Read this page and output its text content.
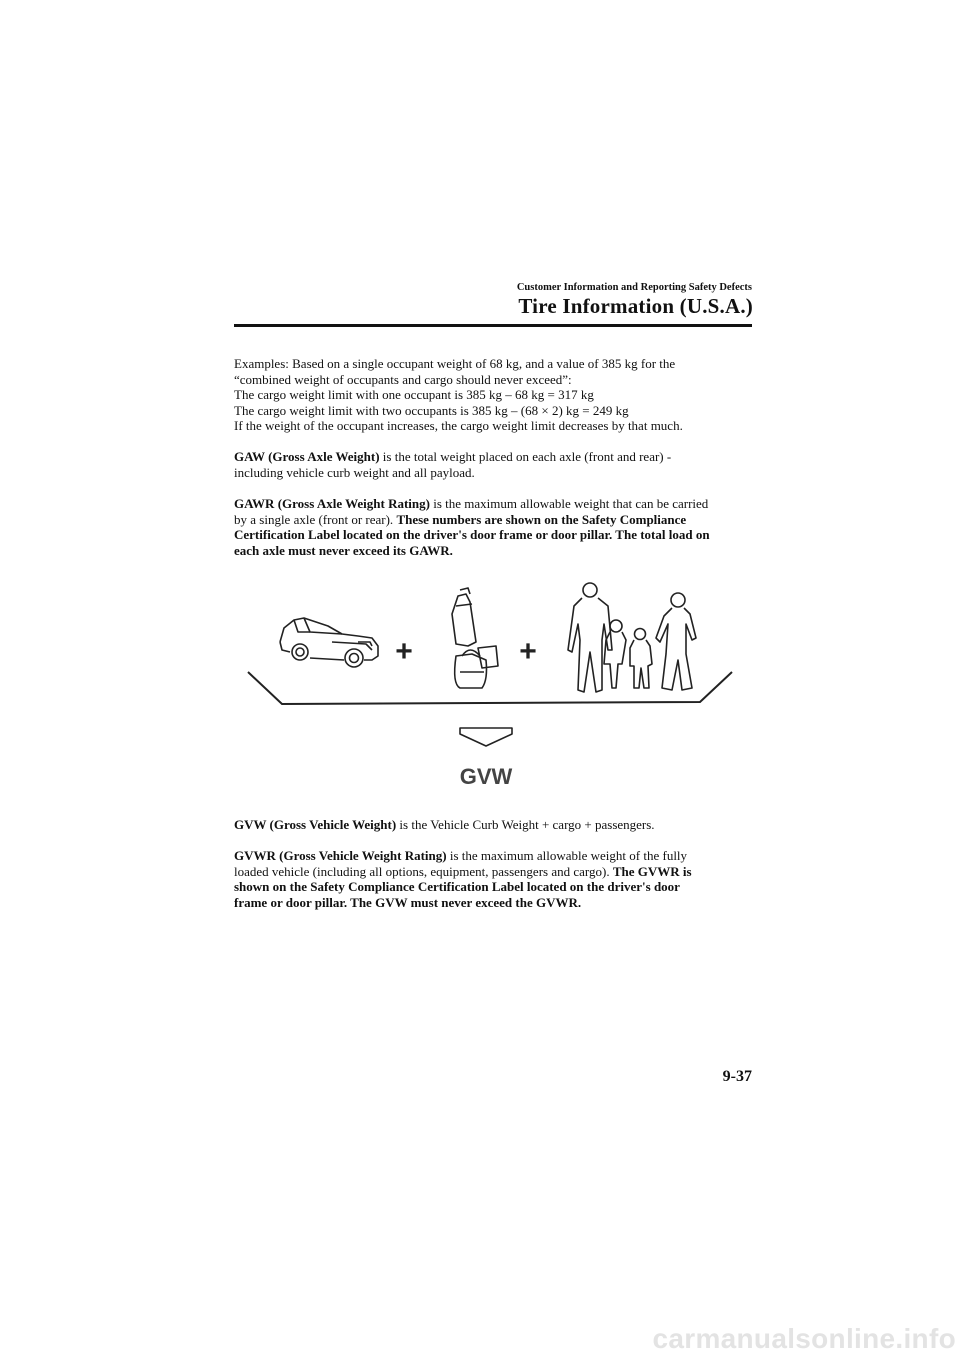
Customer Information and Reporting Safety Defects
Tire Information (U.S.A.)
Examples: Based on a single occupant weight of 68 kg, and a value of 385 kg for the
“combined weight of occupants and cargo should never exceed”:
The cargo weight limit with one occupant is 385 kg – 68 kg = 317 kg
The cargo weight limit with two occupants is 385 kg – (68 × 2) kg = 249 kg
If the weight of the occupant increases, the cargo weight limit decreases by that much.
GAW (Gross Axle Weight) is the total weight placed on each axle (front and rear) -
including vehicle curb weight and all payload.
GAWR (Gross Axle Weight Rating) is the maximum allowable weight that can be carried
by a single axle (front or rear). These numbers are shown on the Safety Compliance
Certification Label located on the driver's door frame or door pillar. The total load on
each axle must never exceed its GAWR.
+	+
GVW
GVW (Gross Vehicle Weight) is the Vehicle Curb Weight + cargo + passengers.
GVWR (Gross Vehicle Weight Rating) is the maximum allowable weight of the fully
loaded vehicle (including all options, equipment, passengers and cargo). The GVWR is
shown on the Safety Compliance Certification Label located on the driver's door
frame or door pillar. The GVW must never exceed the GVWR.
9-37
carmanualsonline.info
